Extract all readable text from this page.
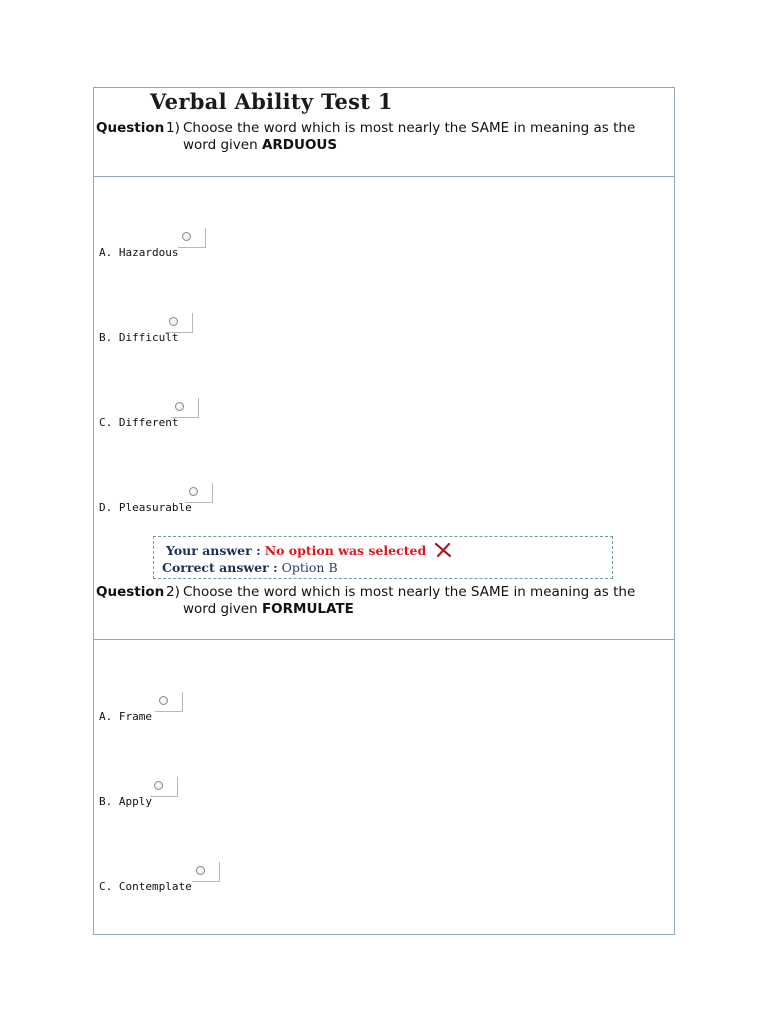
Verbal Ability Test 1
Question 1) Choose the word which is most nearly the SAME in meaning as the
word given ARDUOUS
A. Hazardous
B. Difficult
C. Different
D. Pleasurable
Your answer : No option was selected
Correct answer : Option B
Question 2) Choose the word which is most nearly the SAME in meaning as the
word given FORMULATE
A. Frame
B. Apply
C. Contemplate
